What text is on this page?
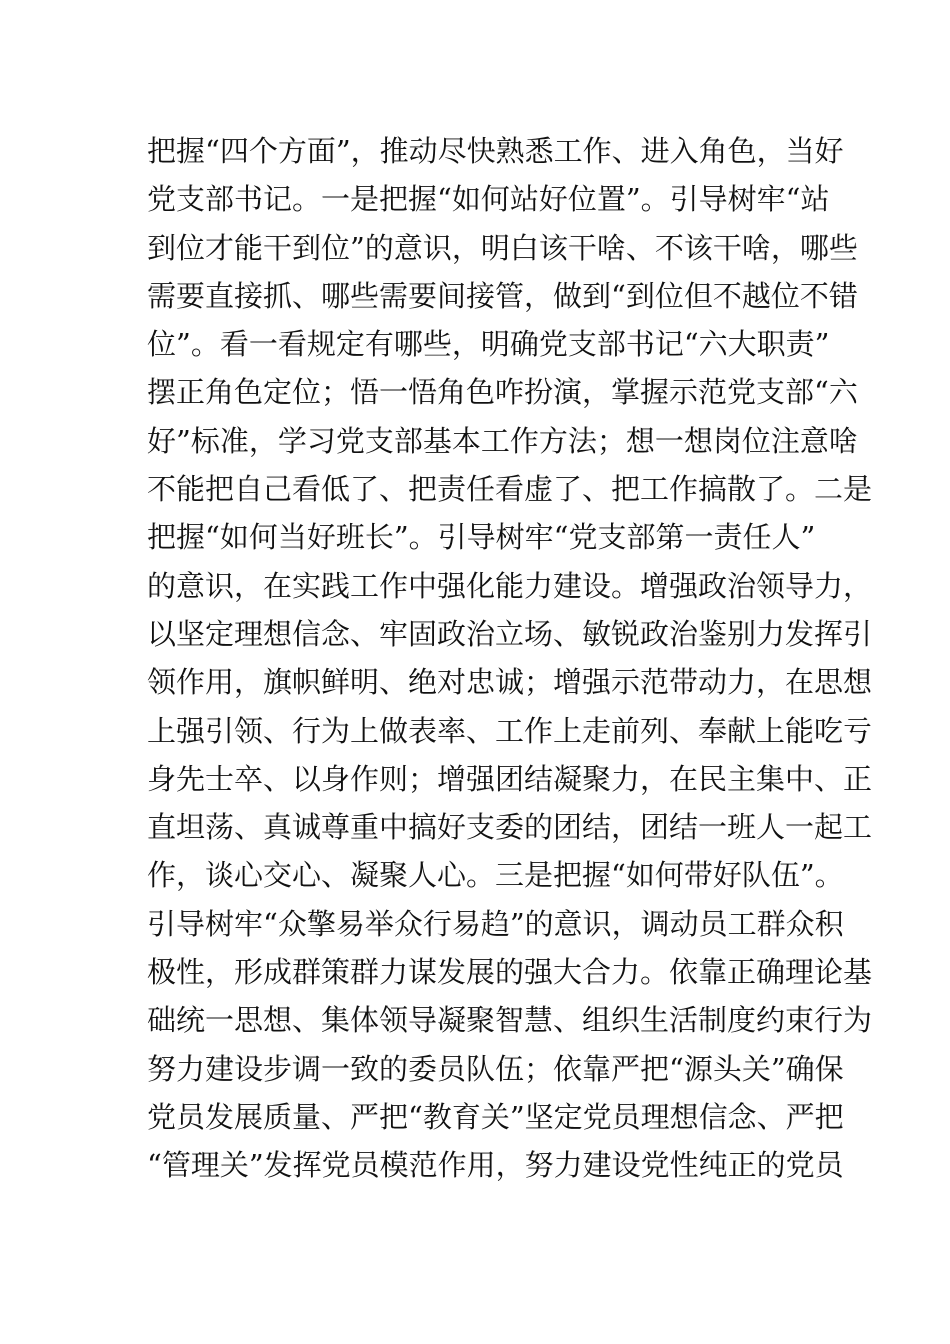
把握“四个方面”，推动尽快熟悉工作、进入角色，当好
党支部书记。一是把握“如何站好位置”。引导树牢“站
到位才能干到位”的意识，明白该干啥、不该干啥，哪些
需要直接抓、哪些需要间接管，做到“到位但不越位不错
位”。看一看规定有哪些，明确党支部书记“六大职责”
摆正角色定位；悟一悟角色咋扮演，掌握示范党支部“六
好”标准，学习党支部基本工作方法；想一想岗位注意啥
不能把自己看低了、把责任看虚了、把工作搞散了。二是
把握“如何当好班长”。引导树牢“党支部第一责任人”
的意识，在实践工作中强化能力建设。增强政治领导力，
以坚定理想信念、牢固政治立场、敏锐政治鉴别力发挥引
领作用，旗帜鲜明、绝对忠诚；增强示范带动力，在思想
上强引领、行为上做表率、工作上走前列、奉献上能吃亏
身先士卒、以身作则；增强团结凝聚力，在民主集中、正
直坦荡、真诚尊重中搞好支委的团结，团结一班人一起工
作，谈心交心、凝聚人心。三是把握“如何带好队伍”。
引导树牢“众擎易举众行易趋”的意识，调动员工群众积
极性，形成群策群力谋发展的强大合力。依靠正确理论基
础统一思想、集体领导凝聚智慧、组织生活制度约束行为
努力建设步调一致的委员队伍；依靠严把“源头关”确保
党员发展质量、严把“教育关”坚定党员理想信念、严把
“管理关”发挥党员模范作用，努力建设党性纯正的党员
